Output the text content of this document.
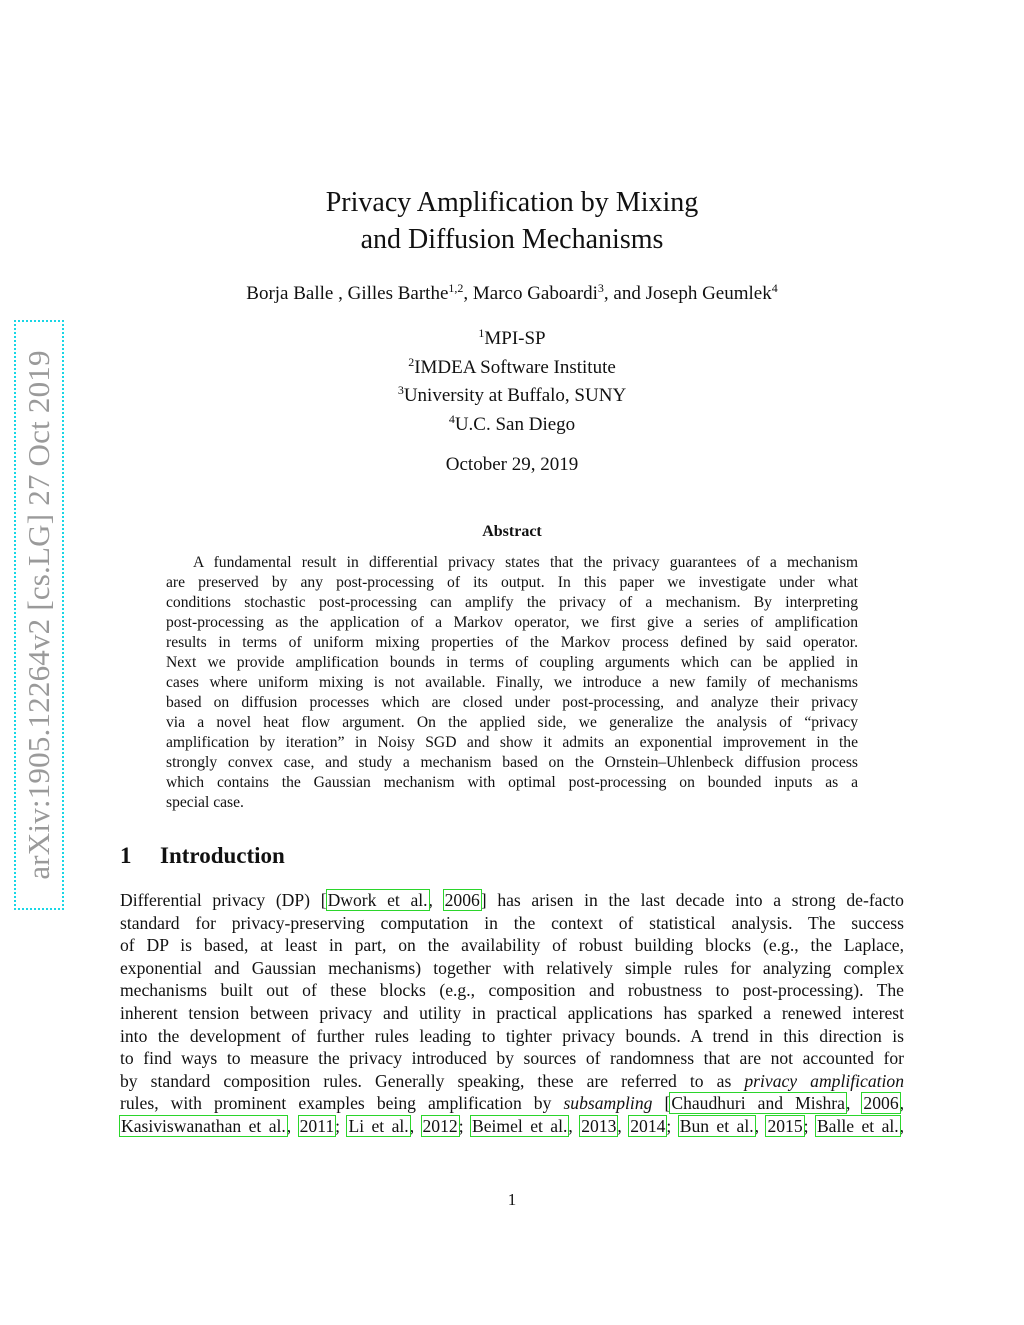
arXiv:1905.12264v2 [cs.LG] 27 Oct 2019
Privacy Amplification by Mixing
and Diffusion Mechanisms
Borja Balle , Gilles Barthe$^{1,2}$, Marco Gaboardi$^3$, and Joseph Geumlek$^4$
$^1$MPI-SP
$^2$IMDEA Software Institute
$^3$University at Buffalo, SUNY
$^4$U.C. San Diego
October 29, 2019
Abstract
A fundamental result in differential privacy states that the privacy guarantees of a mechanism
are preserved by any post-processing of its output. In this paper we investigate under what
conditions stochastic post-processing can amplify the privacy of a mechanism. By interpreting
post-processing as the application of a Markov operator, we first give a series of amplification
results in terms of uniform mixing properties of the Markov process defined by said operator.
Next we provide amplification bounds in terms of coupling arguments which can be applied in
cases where uniform mixing is not available. Finally, we introduce a new family of mechanisms
based on diffusion processes which are closed under post-processing, and analyze their privacy
via a novel heat flow argument. On the applied side, we generalize the analysis of “privacy
amplification by iteration” in Noisy SGD and show it admits an exponential improvement in the
strongly convex case, and study a mechanism based on the Ornstein–Uhlenbeck diffusion process
which contains the Gaussian mechanism with optimal post-processing on bounded inputs as a
special case.
1 Introduction
Differential privacy (DP) [Dwork et al., 2006] has arisen in the last decade into a strong de-facto
standard for privacy-preserving computation in the context of statistical analysis. The success
of DP is based, at least in part, on the availability of robust building blocks (e.g., the Laplace,
exponential and Gaussian mechanisms) together with relatively simple rules for analyzing complex
mechanisms built out of these blocks (e.g., composition and robustness to post-processing). The
inherent tension between privacy and utility in practical applications has sparked a renewed interest
into the development of further rules leading to tighter privacy bounds. A trend in this direction is
to find ways to measure the privacy introduced by sources of randomness that are not accounted for
by standard composition rules. Generally speaking, these are referred to as privacy amplification
rules, with prominent examples being amplification by subsampling [Chaudhuri and Mishra, 2006,
Kasiviswanathan et al., 2011; Li et al., 2012; Beimel et al., 2013, 2014; Bun et al., 2015; Balle et al.,
1
